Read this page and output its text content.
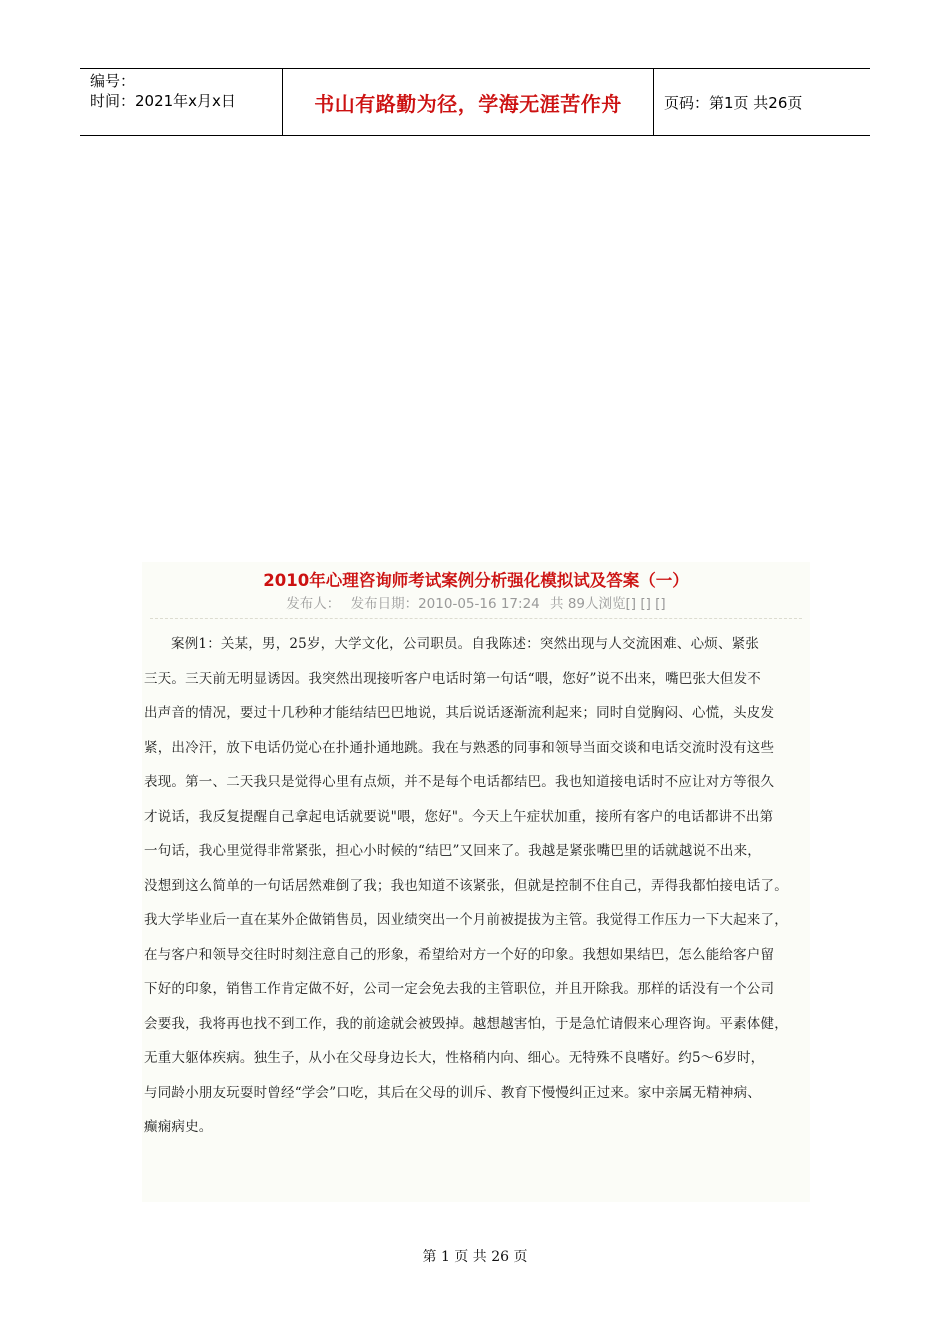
编号：
时间：2021年x月x日	书山有路勤为径，学海无涯苦作舟	页码：第1页 共26页
2010年心理咨询师考试案例分析强化模拟试及答案（一）
发布人： 发布日期：2010-05-16 17:24 共 89人浏览[] [] []
案例1：关某，男，25岁，大学文化，公司职员。自我陈述：突然出现与人交流困难、心烦、紧张
三天。三天前无明显诱因。我突然出现接听客户电话时第一句话“喂，您好”说不出来，嘴巴张大但发不
出声音的情况，要过十几秒种才能结结巴巴地说，其后说话逐渐流利起来；同时自觉胸闷、心慌，头皮发
紧，出冷汗，放下电话仍觉心在扑通扑通地跳。我在与熟悉的同事和领导当面交谈和电话交流时没有这些
表现。第一、二天我只是觉得心里有点烦，并不是每个电话都结巴。我也知道接电话时不应让对方等很久
才说话，我反复提醒自己拿起电话就要说"喂，您好"。今天上午症状加重，接所有客户的电话都讲不出第
一句话，我心里觉得非常紧张，担心小时候的“结巴”又回来了。我越是紧张嘴巴里的话就越说不出来，
没想到这么简单的一句话居然难倒了我；我也知道不该紧张，但就是控制不住自己，弄得我都怕接电话了。
我大学毕业后一直在某外企做销售员，因业绩突出一个月前被提拔为主管。我觉得工作压力一下大起来了，
在与客户和领导交往时时刻注意自己的形象，希望给对方一个好的印象。我想如果结巴，怎么能给客户留
下好的印象，销售工作肯定做不好，公司一定会免去我的主管职位，并且开除我。那样的话没有一个公司
会要我，我将再也找不到工作，我的前途就会被毁掉。越想越害怕，于是急忙请假来心理咨询。平素体健，
无重大躯体疾病。独生子，从小在父母身边长大，性格稍内向、细心。无特殊不良嗜好。约5～6岁时，
与同龄小朋友玩耍时曾经“学会”口吃，其后在父母的训斥、教育下慢慢纠正过来。家中亲属无精神病、
癫痫病史。
第 1 页 共 26 页
